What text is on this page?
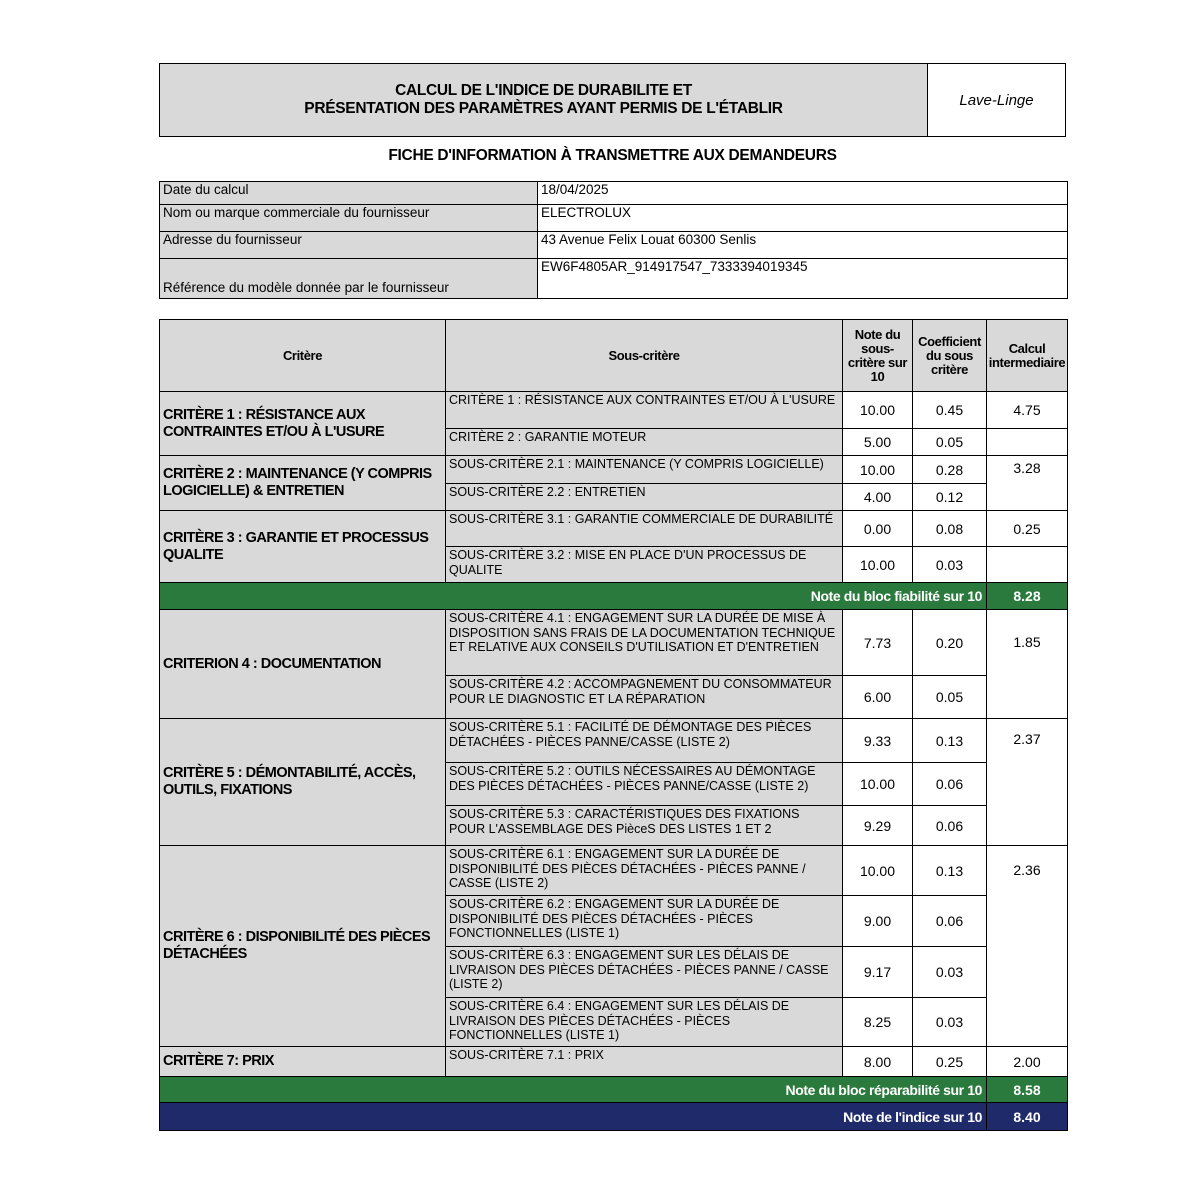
CALCUL DE L'INDICE DE DURABILITE ET
PRÉSENTATION DES PARAMÈTRES AYANT PERMIS DE L'ÉTABLIR	Lave-Linge
FICHE D'INFORMATION À TRANSMETTRE AUX DEMANDEURS
Date du calcul	18/04/2025
Nom ou marque commerciale du fournisseur	ELECTROLUX
Adresse du fournisseur	43 Avenue Felix Louat 60300 Senlis
Référence du modèle donnée par le fournisseur	EW6F4805AR_914917547_7333394019345
Critère	Sous-critère	Note du sous-critère sur 10	Coefficient du sous critère	Calcul intermediaire
CRITÈRE 1 : RÉSISTANCE AUX CONTRAINTES ET/OU À L'USURE	CRITÈRE 1 : RÉSISTANCE AUX CONTRAINTES ET/OU À L'USURE	10.00	0.45	4.75
	CRITÈRE 2 : GARANTIE MOTEUR	5.00	0.05	
CRITÈRE 2 : MAINTENANCE (Y COMPRIS LOGICIELLE) & ENTRETIEN	SOUS-CRITÈRE 2.1 : MAINTENANCE (Y COMPRIS LOGICIELLE)	10.00	0.28	3.28
	SOUS-CRITÈRE 2.2 : ENTRETIEN	4.00	0.12	
CRITÈRE 3 : GARANTIE ET PROCESSUS QUALITE	SOUS-CRITÈRE 3.1 : GARANTIE COMMERCIALE DE DURABILITÉ	0.00	0.08	0.25
	SOUS-CRITÈRE 3.2 : MISE EN PLACE D'UN PROCESSUS DE QUALITE	10.00	0.03	
Note du bloc fiabilité sur 10				8.28
CRITERION 4 : DOCUMENTATION	SOUS-CRITÈRE 4.1 : ENGAGEMENT SUR LA DURÉE DE MISE À DISPOSITION SANS FRAIS DE LA DOCUMENTATION TECHNIQUE ET RELATIVE AUX CONSEILS D'UTILISATION ET D'ENTRETIEN	7.73	0.20	1.85
	SOUS-CRITÈRE 4.2 : ACCOMPAGNEMENT DU CONSOMMATEUR POUR LE DIAGNOSTIC ET LA RÉPARATION	6.00	0.05	
CRITÈRE 5 : DÉMONTABILITÉ, ACCÈS, OUTILS, FIXATIONS	SOUS-CRITÈRE 5.1 : FACILITÉ DE DÉMONTAGE DES PIÈCES DÉTACHÉES - PIÈCES PANNE/CASSE (LISTE 2)	9.33	0.13	2.37
	SOUS-CRITÈRE 5.2 : OUTILS NÉCESSAIRES AU DÉMONTAGE DES PIÈCES DÉTACHÉES - PIÈCES PANNE/CASSE (LISTE 2)	10.00	0.06	
	SOUS-CRITÈRE 5.3 : CARACTÉRISTIQUES DES FIXATIONS POUR L'ASSEMBLAGE DES PièceS DES LISTES 1 ET 2	9.29	0.06	
CRITÈRE 6 : DISPONIBILITÉ DES PIÈCES DÉTACHÉES	SOUS-CRITÈRE 6.1 : ENGAGEMENT SUR LA DURÉE DE DISPONIBILITÉ DES PIÈCES DÉTACHÉES - PIÈCES PANNE / CASSE (LISTE 2)	10.00	0.13	2.36
	SOUS-CRITÈRE 6.2 : ENGAGEMENT SUR LA DURÉE DE DISPONIBILITÉ DES PIÈCES DÉTACHÉES - PIÈCES FONCTIONNELLES (LISTE 1)	9.00	0.06	
	SOUS-CRITÈRE 6.3 : ENGAGEMENT SUR LES DÉLAIS DE LIVRAISON DES PIÈCES DÉTACHÉES - PIÈCES PANNE / CASSE (LISTE 2)	9.17	0.03	
	SOUS-CRITÈRE 6.4 : ENGAGEMENT SUR LES DÉLAIS DE LIVRAISON DES PIÈCES DÉTACHÉES - PIÈCES FONCTIONNELLES (LISTE 1)	8.25	0.03	
CRITÈRE 7: PRIX	SOUS-CRITÈRE 7.1 : PRIX	8.00	0.25	2.00
Note du bloc réparabilité sur 10				8.58
Note de l'indice sur 10				8.40
